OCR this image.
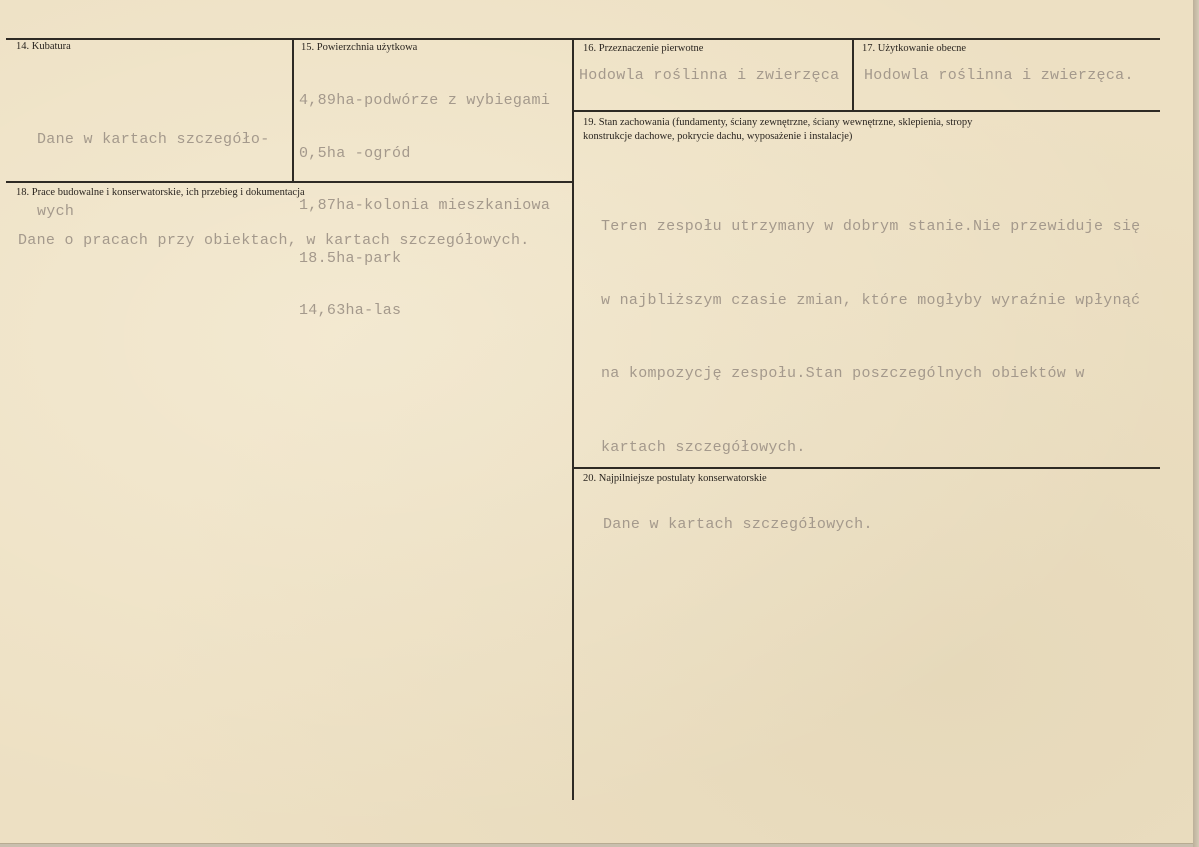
14. Kubatura

Dane w kartach szczegóło-

wych

15. Powierzchnia użytkowa

4,89ha-podwórze z wybiegami

0,5ha -ogród

1,87ha-kolonia mieszkaniowa

18.5ha-park

14,63ha-las

16. Przeznaczenie pierwotne
Hodowla roślinna i zwierzęca
17. Użytkowanie obecne
Hodowla roślinna i zwierzęca.
18. Prace budowalne i konserwatorskie, ich przebieg i dokumentacja
Dane o pracach przy obiektach, w kartach szczegółowych.
19. Stan zachowania (fundamenty, ściany zewnętrzne, ściany wewnętrzne, sklepienia, stropy
konstrukcje dachowe, pokrycie dachu, wyposażenie i instalacje)

Teren zespołu utrzymany w dobrym stanie.Nie przewiduje się

w najbliższym czasie zmian, które mogłyby wyraźnie wpłynąć

na kompozycję zespołu.Stan poszczególnych obiektów w

kartach szczegółowych.

20. Najpilniejsze postulaty konserwatorskie
Dane w kartach szczegółowych.
